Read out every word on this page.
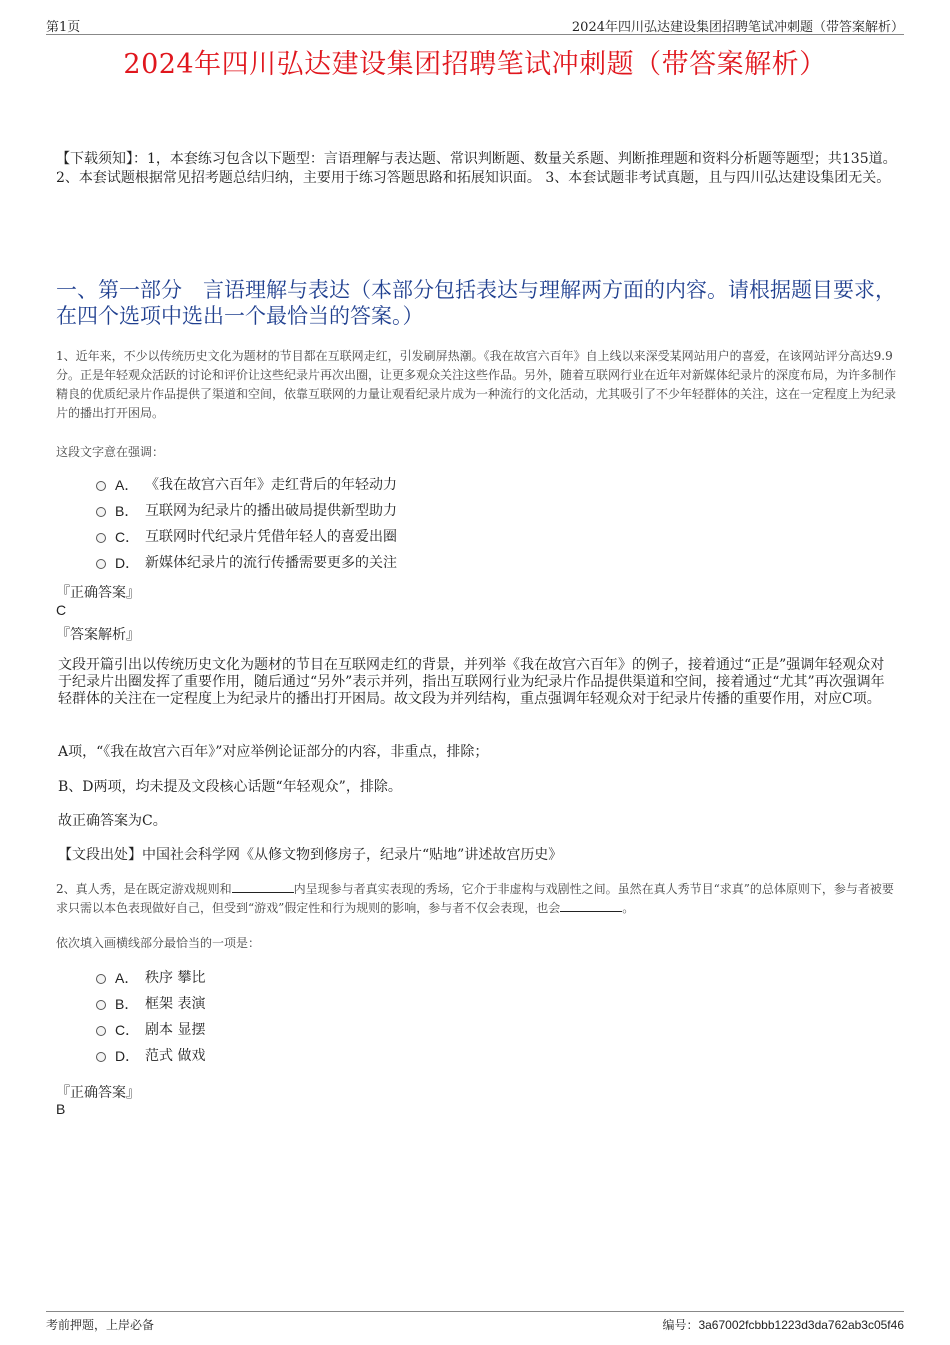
第1页	2024年四川弘达建设集团招聘笔试冲刺题（带答案解析）
2024年四川弘达建设集团招聘笔试冲刺题（带答案解析）
【下载须知】：1，本套练习包含以下题型：言语理解与表达题、常识判断题、数量关系题、判断推理题和资料分析题等题型；共135道。 2、本套试题根据常见招考题总结归纳，主要用于练习答题思路和拓展知识面。 3、本套试题非考试真题，且与四川弘达建设集团无关。
一、第一部分　言语理解与表达（本部分包括表达与理解两方面的内容。请根据题目要求，在四个选项中选出一个最恰当的答案。）
1、近年来，不少以传统历史文化为题材的节目都在互联网走红，引发刷屏热潮。《我在故宫六百年》自上线以来深受某网站用户的喜爱，在该网站评分高达9.9分。正是年轻观众活跃的讨论和评价让这些纪录片再次出圈，让更多观众关注这些作品。另外，随着互联网行业在近年对新媒体纪录片的深度布局，为许多制作精良的优质纪录片作品提供了渠道和空间，依靠互联网的力量让观看纪录片成为一种流行的文化活动，尤其吸引了不少年轻群体的关注，这在一定程度上为纪录片的播出打开困局。
这段文字意在强调：
A． 《我在故宫六百年》走红背后的年轻动力
B． 互联网为纪录片的播出破局提供新型助力
C． 互联网时代纪录片凭借年轻人的喜爱出圈
D． 新媒体纪录片的流行传播需要更多的关注
『正确答案』
C
『答案解析』
文段开篇引出以传统历史文化为题材的节目在互联网走红的背景，并列举《我在故宫六百年》的例子，接着通过“正是”强调年轻观众对于纪录片出圈发挥了重要作用，随后通过“另外”表示并列，指出互联网行业为纪录片作品提供渠道和空间，接着通过“尤其”再次强调年轻群体的关注在一定程度上为纪录片的播出打开困局。故文段为并列结构，重点强调年轻观众对于纪录片传播的重要作用，对应C项。
A项，“《我在故宫六百年》”对应举例论证部分的内容，非重点，排除；
B、D两项，均未提及文段核心话题“年轻观众”，排除。
故正确答案为C。
【文段出处】中国社会科学网《从修文物到修房子，纪录片“贴地”讲述故宫历史》
2、真人秀，是在既定游戏规则和	内呈现参与者真实表现的秀场，它介于非虚构与戏剧性之间。虽然在真人秀节目“求真”的总体原则下，参与者被要求只需以本色表现做好自己，但受到“游戏”假定性和行为规则的影响，参与者不仅会表现，也会	。
依次填入画横线部分最恰当的一项是：
A． 秩序 攀比
B． 框架 表演
C． 剧本 显摆
D． 范式 做戏
『正确答案』
B
考前押题，上岸必备	编号：3a67002fcbbb1223d3da762ab3c05f46
